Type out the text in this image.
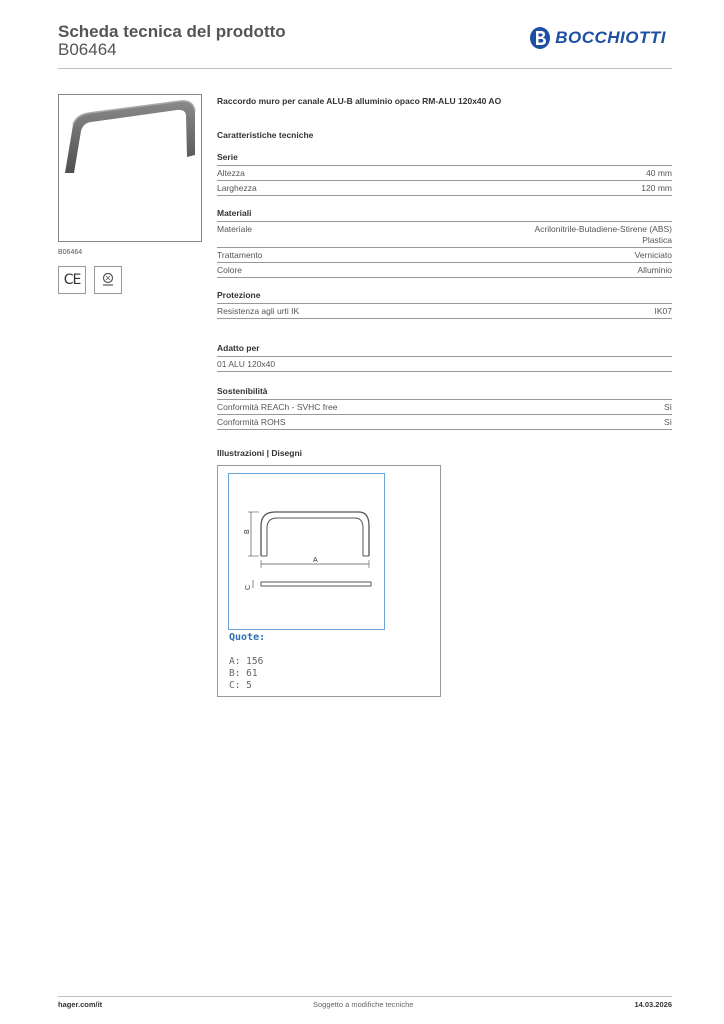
Scheda tecnica del prodotto
B06464
BOCCHIOTTI
B06464
CE
Raccordo muro per canale ALU-B alluminio opaco RM-ALU 120x40 AO
Caratteristiche tecniche
Serie
Altezza	40 mm
Larghezza	120 mm
Materiali
Materiale	Acrilonitrile-Butadiene-Stirene (ABS)
Plastica
Trattamento	Verniciato
Colore	Alluminio
Protezione
Resistenza agli urti IK	IK07
Adatto per
01 ALU 120x40
Sostenibilità
Conformità REACh - SVHC free	Sì
Conformità ROHS	Sì
Illustrazioni | Disegni
B
A
C
Quote:
A: 156
B: 61
C: 5
hager.com/it	Soggetto a modifiche tecniche	14.03.2026
